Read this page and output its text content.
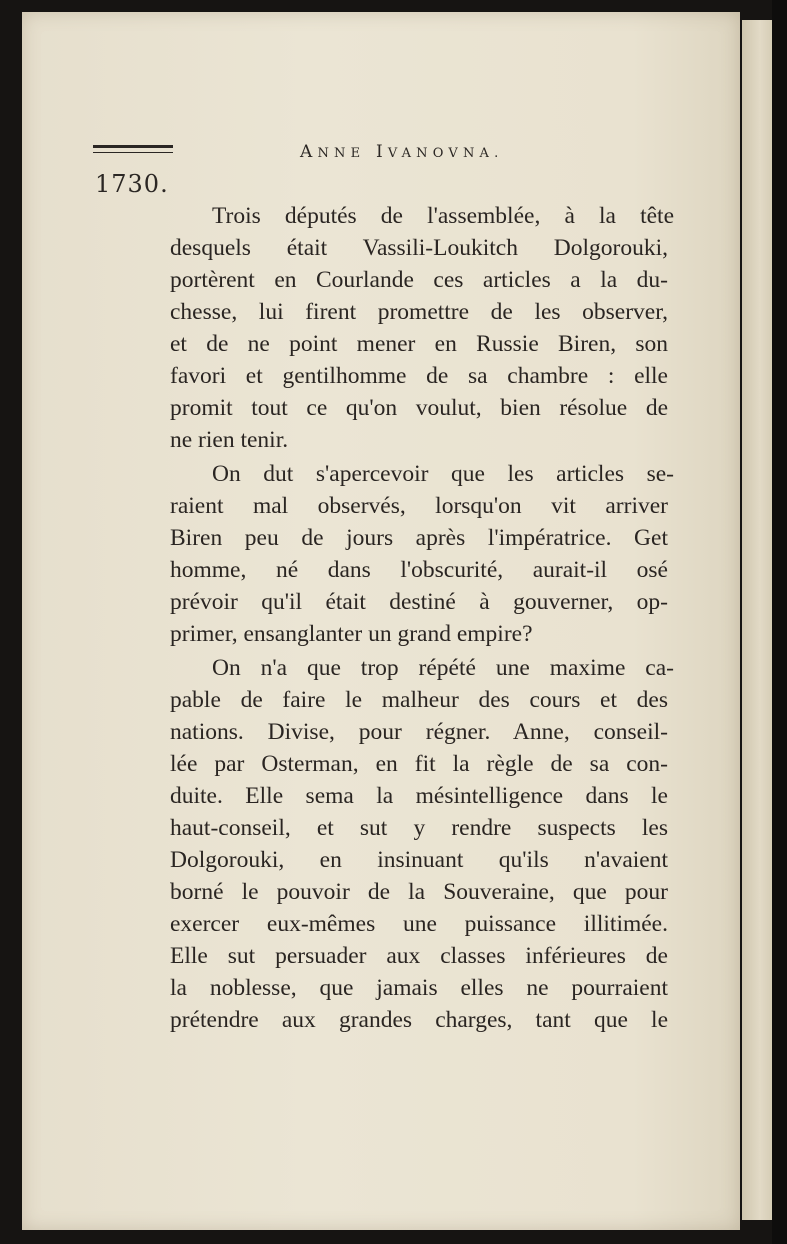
ANNE IVANOVNA.
1730.
Trois députés de l'assemblée, à la tête
desquels était Vassili-Loukitch Dolgorouki,
portèrent en Courlande ces articles a la du-
chesse, lui firent promettre de les observer,
et de ne point mener en Russie Biren, son
favori et gentilhomme de sa chambre : elle
promit tout ce qu'on voulut, bien résolue de
ne rien tenir.
On dut s'apercevoir que les articles se-
raient mal observés, lorsqu'on vit arriver
Biren peu de jours après l'impératrice. Get
homme, né dans l'obscurité, aurait-il osé
prévoir qu'il était destiné à gouverner, op-
primer, ensanglanter un grand empire?
On n'a que trop répété une maxime ca-
pable de faire le malheur des cours et des
nations. Divise, pour régner. Anne, conseil-
lée par Osterman, en fit la règle de sa con-
duite. Elle sema la mésintelligence dans le
haut-conseil, et sut y rendre suspects les
Dolgorouki, en insinuant qu'ils n'avaient
borné le pouvoir de la Souveraine, que pour
exercer eux-mêmes une puissance illitimée.
Elle sut persuader aux classes inférieures de
la noblesse, que jamais elles ne pourraient
prétendre aux grandes charges, tant que le
